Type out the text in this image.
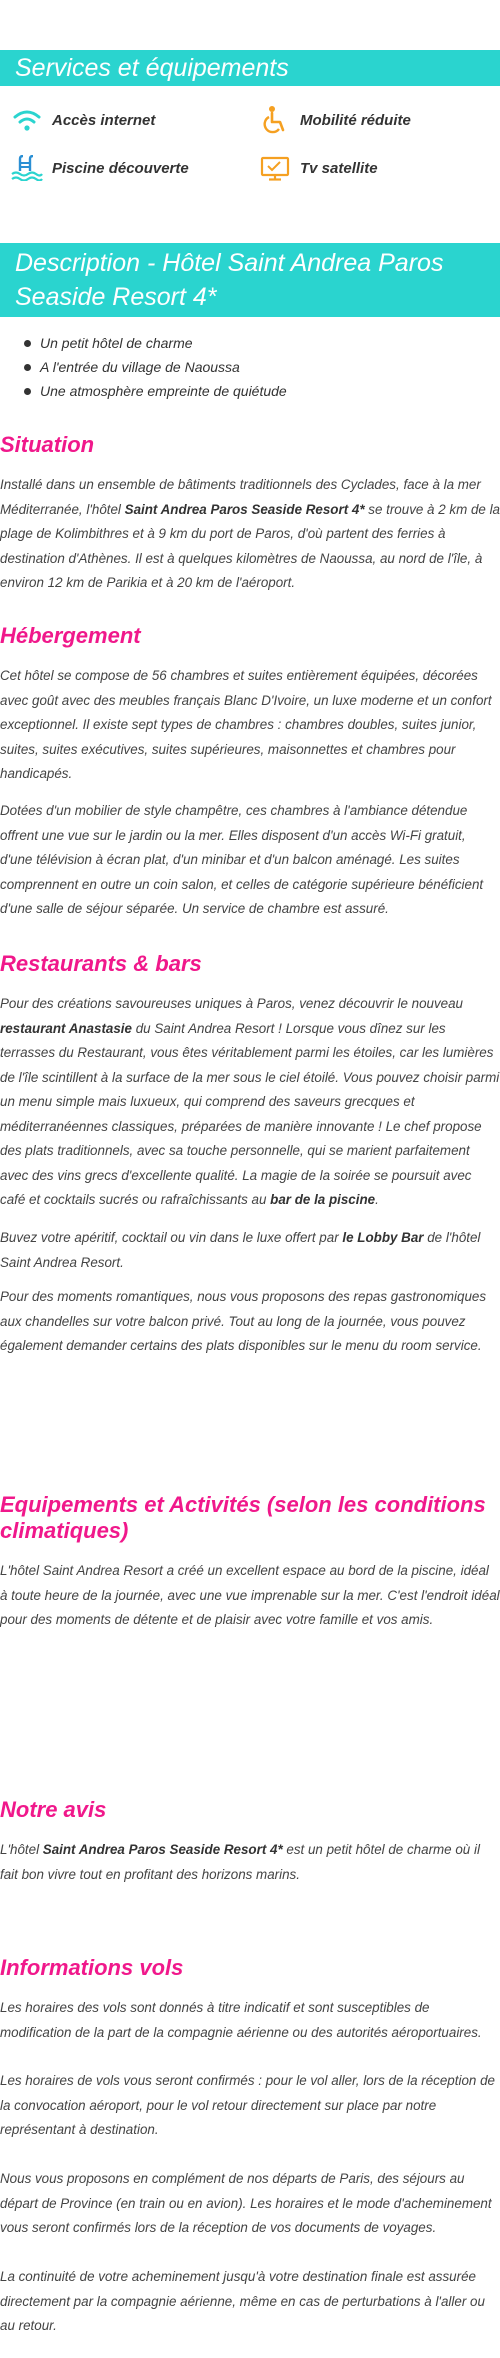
Services et équipements
Accès internet	Mobilité réduite
Piscine découverte	Tv satellite
Description - Hôtel Saint Andrea Paros Seaside Resort 4*
Un petit hôtel de charme
A l'entrée du village de Naoussa
Une atmosphère empreinte de quiétude
Situation

Installé dans un ensemble de bâtiments traditionnels des Cyclades, face à la mer Méditerranée, l'hôtel Saint Andrea Paros Seaside Resort 4* se trouve à 2 km de la plage de Kolimbithres et à 9 km du port de Paros, d'où partent des ferries à destination d'Athènes. Il est à quelques kilomètres de Naoussa, au nord de l'île, à environ 12 km de Parikia et à 20 km de l'aéroport.

Hébergement

Cet hôtel se compose de 56 chambres et suites entièrement équipées, décorées avec goût avec des meubles français Blanc D'Ivoire, un luxe moderne et un confort exceptionnel. Il existe sept types de chambres : chambres doubles, suites junior, suites, suites exécutives, suites supérieures, maisonnettes et chambres pour handicapés.

Dotées d'un mobilier de style champêtre, ces chambres à l'ambiance détendue offrent une vue sur le jardin ou la mer. Elles disposent d'un accès Wi-Fi gratuit, d'une télévision à écran plat, d'un minibar et d'un balcon aménagé. Les suites comprennent en outre un coin salon, et celles de catégorie supérieure bénéficient d'une salle de séjour séparée. Un service de chambre est assuré.

Restaurants & bars

Pour des créations savoureuses uniques à Paros, venez découvrir le nouveau restaurant Anastasie du Saint Andrea Resort ! Lorsque vous dînez sur les terrasses du Restaurant, vous êtes véritablement parmi les étoiles, car les lumières de l'île scintillent à la surface de la mer sous le ciel étoilé. Vous pouvez choisir parmi un menu simple mais luxueux, qui comprend des saveurs grecques et méditerranéennes classiques, préparées de manière innovante ! Le chef propose des plats traditionnels, avec sa touche personnelle, qui se marient parfaitement avec des vins grecs d'excellente qualité. La magie de la soirée se poursuit avec café et cocktails sucrés ou rafraîchissants au bar de la piscine.

Buvez votre apéritif, cocktail ou vin dans le luxe offert par le Lobby Bar de l'hôtel Saint Andrea Resort.

Pour des moments romantiques, nous vous proposons des repas gastronomiques aux chandelles sur votre balcon privé. Tout au long de la journée, vous pouvez également demander certains des plats disponibles sur le menu du room service.

Equipements et Activités (selon les conditions climatiques)

L'hôtel Saint Andrea Resort a créé un excellent espace au bord de la piscine, idéal à toute heure de la journée, avec une vue imprenable sur la mer. C'est l'endroit idéal pour des moments de détente et de plaisir avec votre famille et vos amis.

Notre avis

L'hôtel Saint Andrea Paros Seaside Resort 4* est un petit hôtel de charme où il fait bon vivre tout en profitant des horizons marins.

Informations vols

Les horaires des vols sont donnés à titre indicatif et sont susceptibles de modification de la part de la compagnie aérienne ou des autorités aéroportuaires.

Les horaires de vols vous seront confirmés : pour le vol aller, lors de la réception de la convocation aéroport, pour le vol retour directement sur place par notre représentant à destination.

Nous vous proposons en complément de nos départs de Paris, des séjours au départ de Province (en train ou en avion). Les horaires et le mode d'acheminement vous seront confirmés lors de la réception de vos documents de voyages.

La continuité de votre acheminement jusqu'à votre destination finale est assurée directement par la compagnie aérienne, même en cas de perturbations à l'aller ou au retour.
